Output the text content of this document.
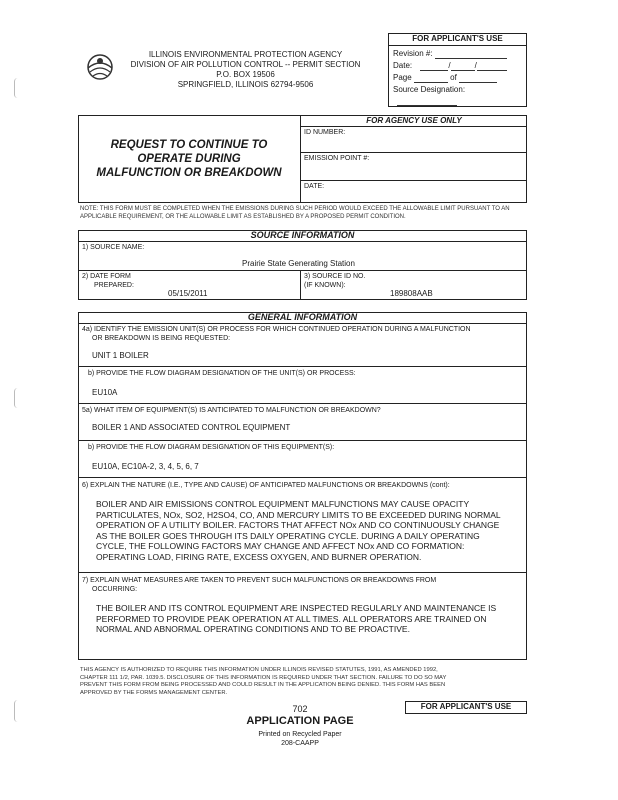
ILLINOIS ENVIRONMENTAL PROTECTION AGENCY
DIVISION OF AIR POLLUTION CONTROL -- PERMIT SECTION
P.O. BOX 19506
SPRINGFIELD, ILLINOIS 62794-9506
FOR APPLICANT'S USE
Revision #:
Date:	/	/
Page	of
Source Designation:
REQUEST TO CONTINUE TO
OPERATE DURING
MALFUNCTION OR BREAKDOWN
FOR AGENCY USE ONLY
ID NUMBER:
EMISSION POINT #:
DATE:
NOTE: THIS FORM MUST BE COMPLETED WHEN THE EMISSIONS DURING SUCH PERIOD WOULD EXCEED THE ALLOWABLE LIMIT PURSUANT TO AN APPLICABLE REQUIREMENT, OR THE ALLOWABLE LIMIT AS ESTABLISHED BY A PROPOSED PERMIT CONDITION.
SOURCE INFORMATION
1) SOURCE NAME:
Prairie State Generating Station
2) DATE FORM
PREPARED:
05/15/2011
3) SOURCE ID NO.
(IF KNOWN):
189808AAB
GENERAL INFORMATION
4a) IDENTIFY THE EMISSION UNIT(S) OR PROCESS FOR WHICH CONTINUED OPERATION DURING A MALFUNCTION
OR BREAKDOWN IS BEING REQUESTED:
UNIT 1 BOILER
b) PROVIDE THE FLOW DIAGRAM DESIGNATION OF THE UNIT(S) OR PROCESS:
EU10A
5a) WHAT ITEM OF EQUIPMENT(S) IS ANTICIPATED TO MALFUNCTION OR BREAKDOWN?
BOILER 1 AND ASSOCIATED CONTROL EQUIPMENT
b) PROVIDE THE FLOW DIAGRAM DESIGNATION OF THIS EQUIPMENT(S):
EU10A, EC10A-2, 3, 4, 5, 6, 7
6) EXPLAIN THE NATURE (I.E., TYPE AND CAUSE) OF ANTICIPATED MALFUNCTIONS OR BREAKDOWNS (cont):
BOILER AND AIR EMISSIONS CONTROL EQUIPMENT MALFUNCTIONS MAY CAUSE OPACITY
PARTICULATES, NOx, SO2, H2SO4, CO, AND MERCURY LIMITS TO BE EXCEEDED DURING NORMAL
OPERATION OF A UTILITY BOILER. FACTORS THAT AFFECT NOx AND CO CONTINUOUSLY CHANGE
AS THE BOILER GOES THROUGH ITS DAILY OPERATING CYCLE. DURING A DAILY OPERATING
CYCLE, THE FOLLOWING FACTORS MAY CHANGE AND AFFECT NOx AND CO FORMATION:
OPERATING LOAD, FIRING RATE, EXCESS OXYGEN, AND BURNER OPERATION.
7) EXPLAIN WHAT MEASURES ARE TAKEN TO PREVENT SUCH MALFUNCTIONS OR BREAKDOWNS FROM
OCCURRING:
THE BOILER AND ITS CONTROL EQUIPMENT ARE INSPECTED REGULARLY AND MAINTENANCE IS
PERFORMED TO PROVIDE PEAK OPERATION AT ALL TIMES. ALL OPERATORS ARE TRAINED ON
NORMAL AND ABNORMAL OPERATING CONDITIONS AND TO BE PROACTIVE.
THIS AGENCY IS AUTHORIZED TO REQUIRE THIS INFORMATION UNDER ILLINOIS REVISED STATUTES, 1991, AS AMENDED 1992,
CHAPTER 111 1/2, PAR. 1039.5. DISCLOSURE OF THIS INFORMATION IS REQUIRED UNDER THAT SECTION. FAILURE TO DO SO MAY
PREVENT THIS FORM FROM BEING PROCESSED AND COULD RESULT IN THE APPLICATION BEING DENIED. THIS FORM HAS BEEN
APPROVED BY THE FORMS MANAGEMENT CENTER.
702
APPLICATION PAGE
Printed on Recycled Paper
208-CAAPP
FOR APPLICANT'S USE
